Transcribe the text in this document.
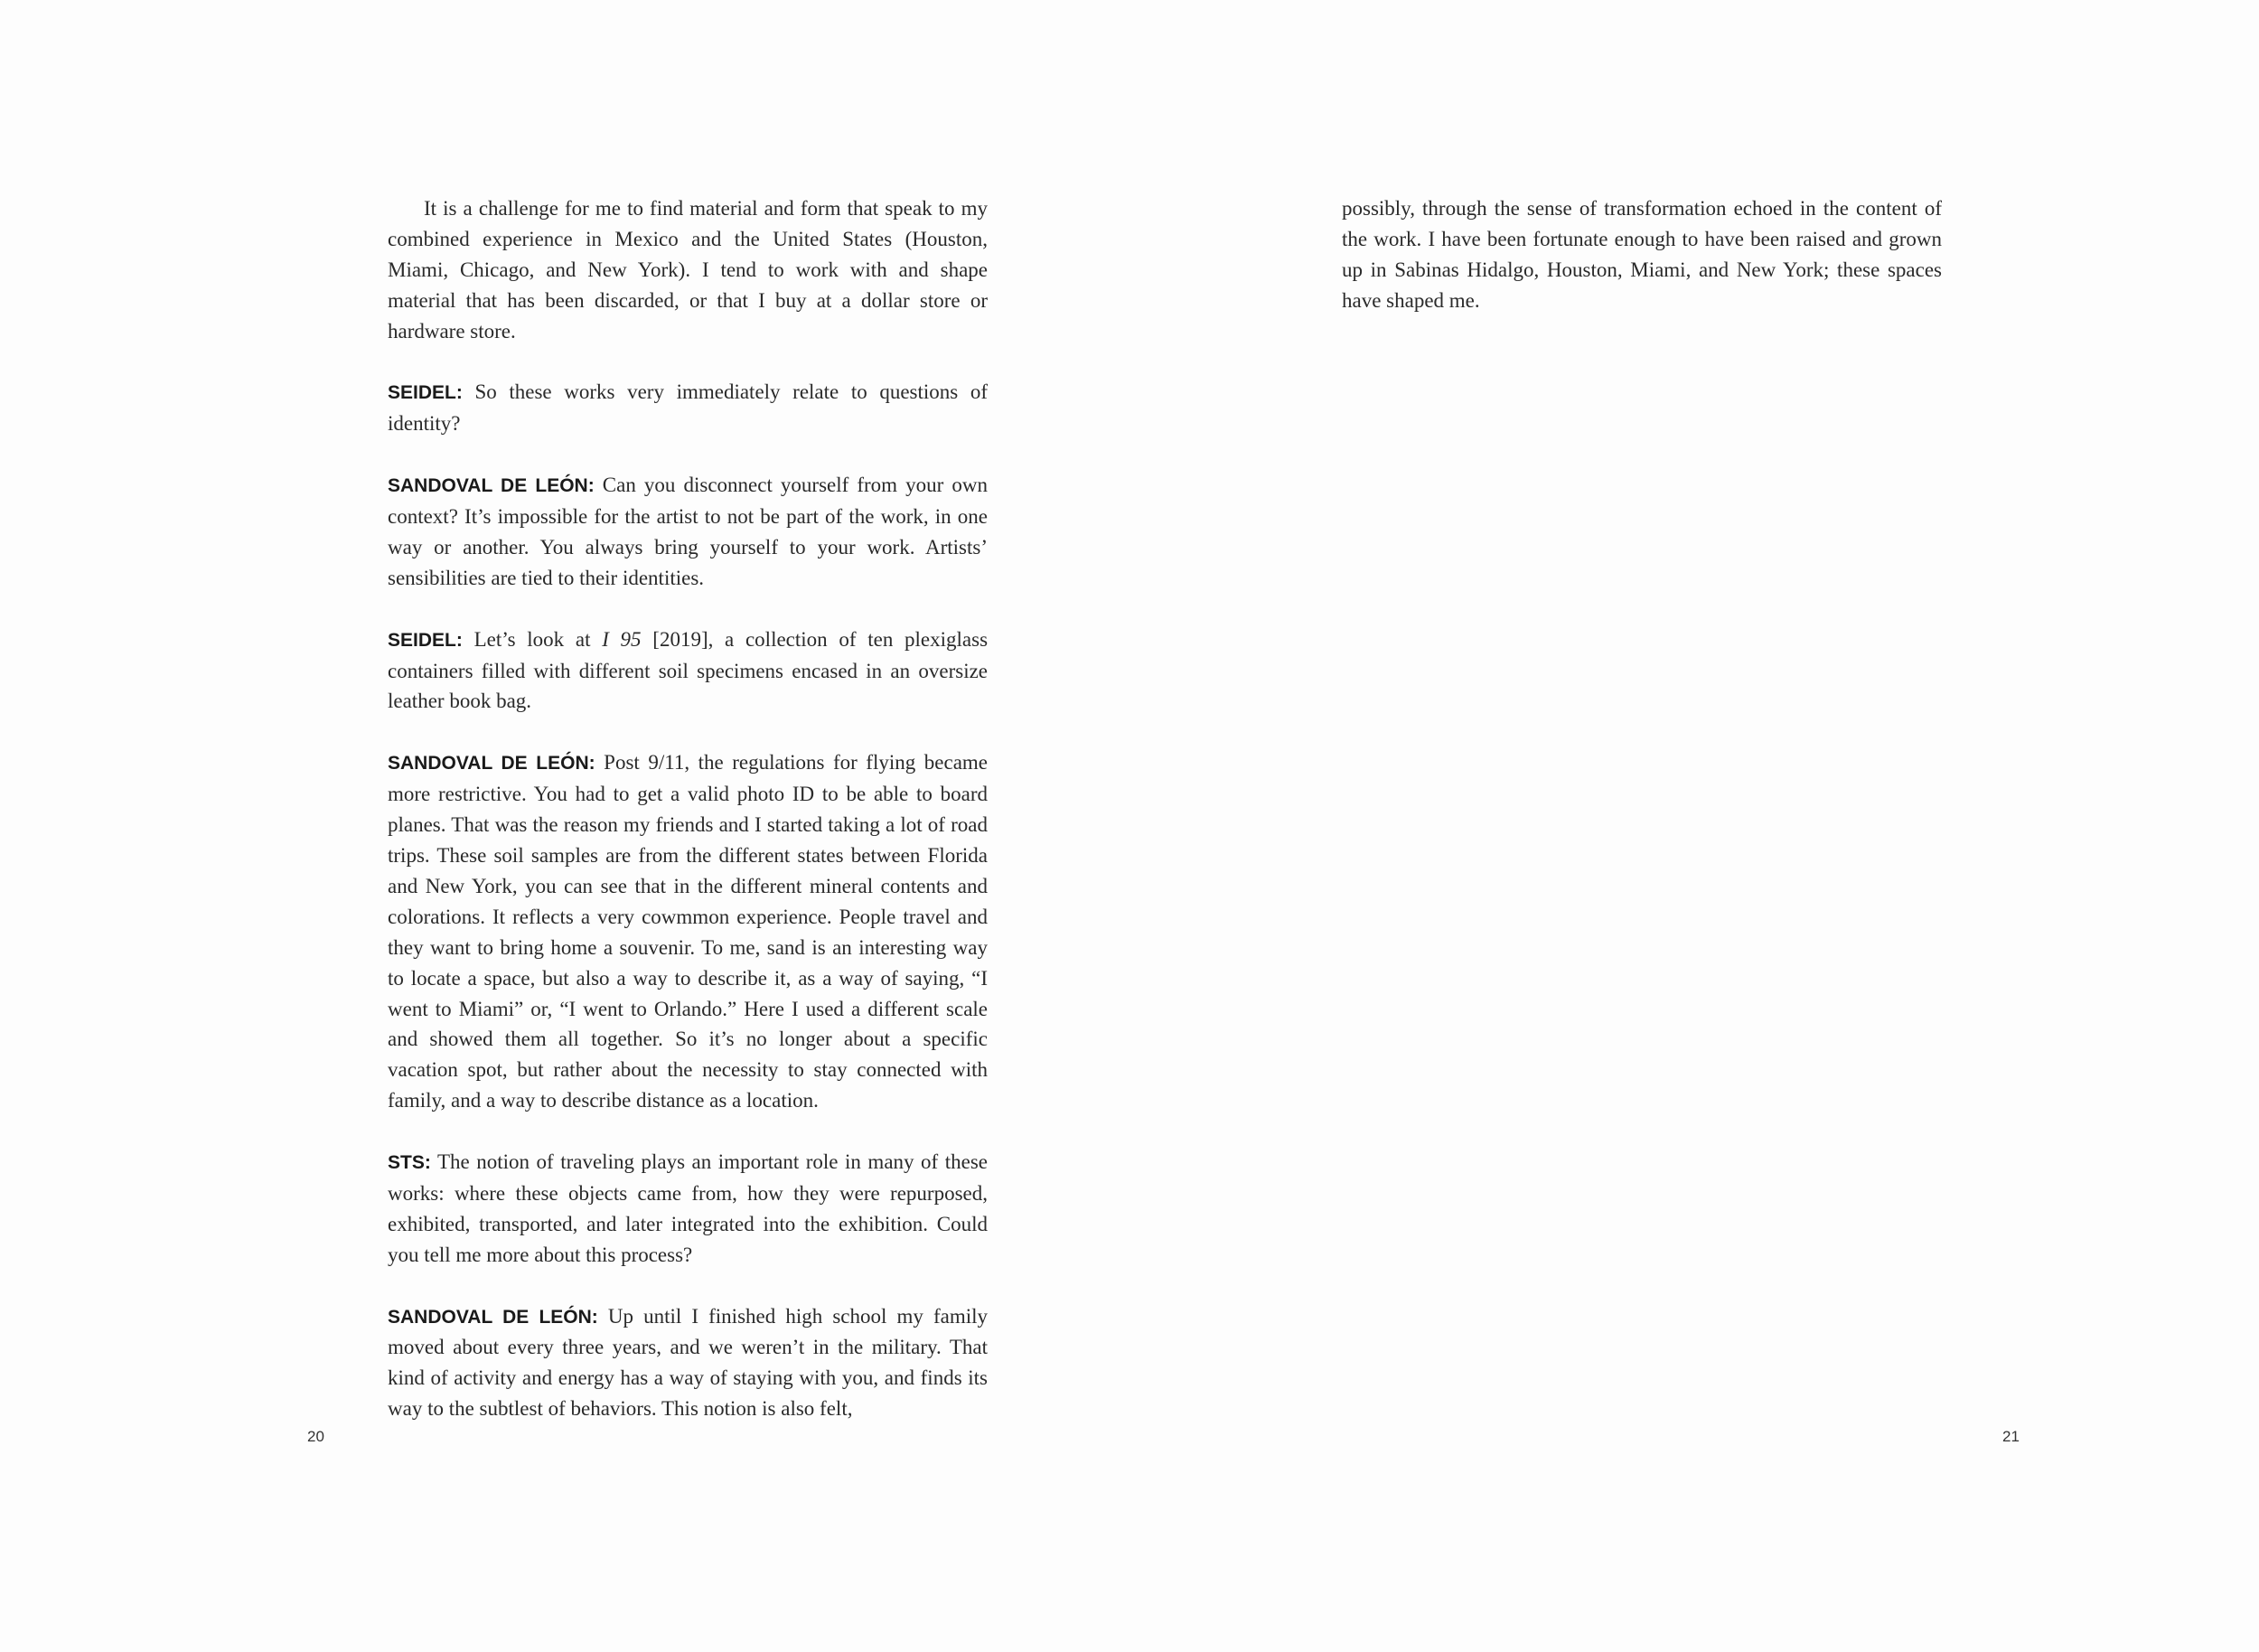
It is a challenge for me to find material and form that speak to my combined experience in Mexico and the United States (Houston, Miami, Chicago, and New York). I tend to work with and shape material that has been discarded, or that I buy at a dollar store or hardware store.

SEIDEL: So these works very immediately relate to questions of identity?

SANDOVAL DE LEÓN: Can you disconnect yourself from your own context? It’s impossible for the artist to not be part of the work, in one way or another. You always bring yourself to your work. Artists’ sensibilities are tied to their identities.

SEIDEL: Let’s look at I 95 [2019], a collection of ten plexiglass containers filled with different soil specimens encased in an oversize leather book bag.

SANDOVAL DE LEÓN: Post 9/11, the regulations for flying became more restrictive. You had to get a valid photo ID to be able to board planes. That was the reason my friends and I started taking a lot of road trips. These soil samples are from the different states between Florida and New York, you can see that in the different mineral contents and colorations. It reflects a very cowmmon experience. People travel and they want to bring home a souvenir. To me, sand is an interesting way to locate a space, but also a way to describe it, as a way of saying, “I went to Miami” or, “I went to Orlando.” Here I used a different scale and showed them all together. So it’s no longer about a specific vacation spot, but rather about the necessity to stay connected with family, and a way to describe distance as a location.

STS: The notion of traveling plays an important role in many of these works: where these objects came from, how they were repurposed, exhibited, transported, and later integrated into the exhibition. Could you tell me more about this process?

SANDOVAL DE LEÓN: Up until I finished high school my family moved about every three years, and we weren’t in the military. That kind of activity and energy has a way of staying with you, and finds its way to the subtlest of behaviors. This notion is also felt,

possibly, through the sense of transformation echoed in the content of the work. I have been fortunate enough to have been raised and grown up in Sabinas Hidalgo, Houston, Miami, and New York; these spaces have shaped me.

20	21
